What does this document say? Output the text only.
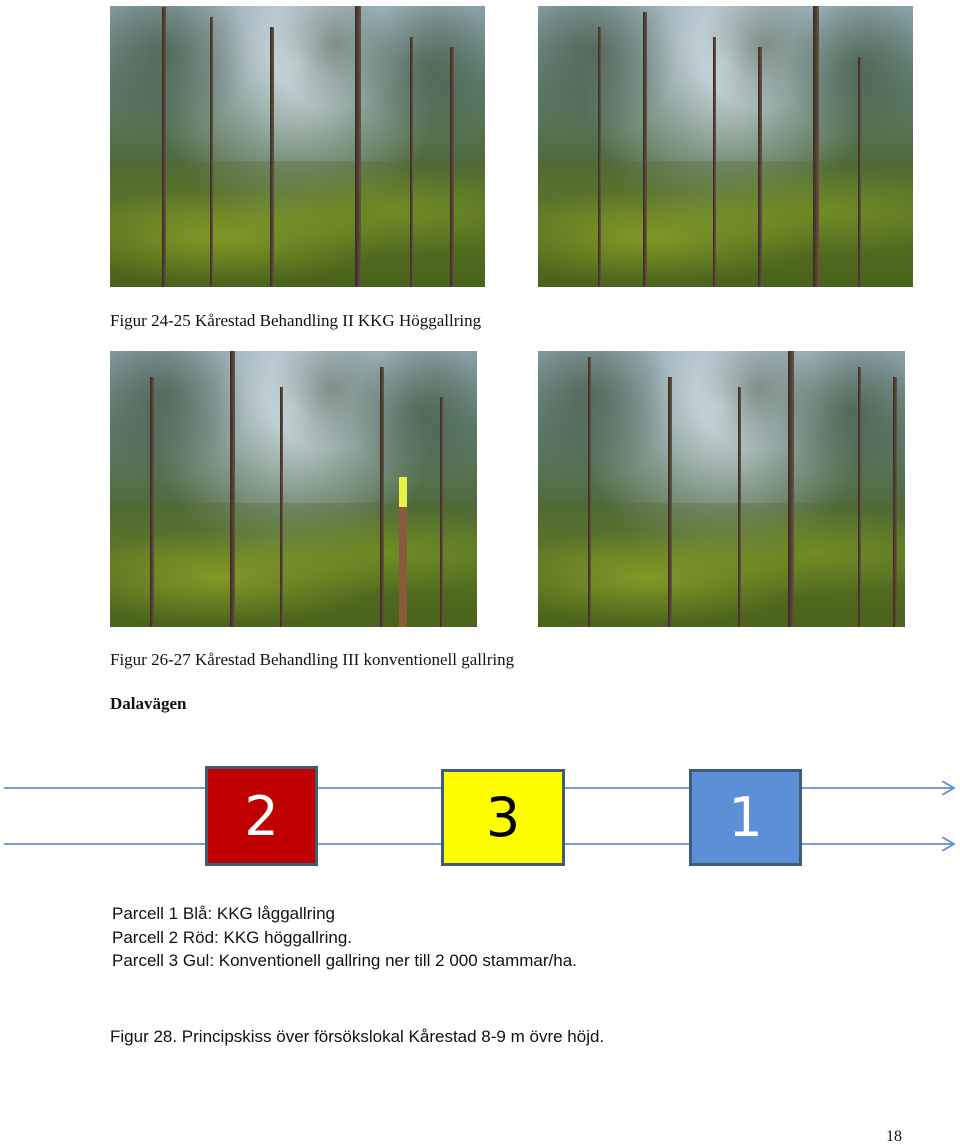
Figur 24-25 Kårestad Behandling II KKG Höggallring
Figur 26-27 Kårestad Behandling III konventionell gallring
Dalavägen
2	3	1
Parcell 1 Blå: KKG låggallring
Parcell 2 Röd: KKG höggallring.
Parcell 3 Gul: Konventionell gallring ner till 2 000 stammar/ha.
Figur 28. Principskiss över försökslokal Kårestad 8-9 m övre höjd.
18
